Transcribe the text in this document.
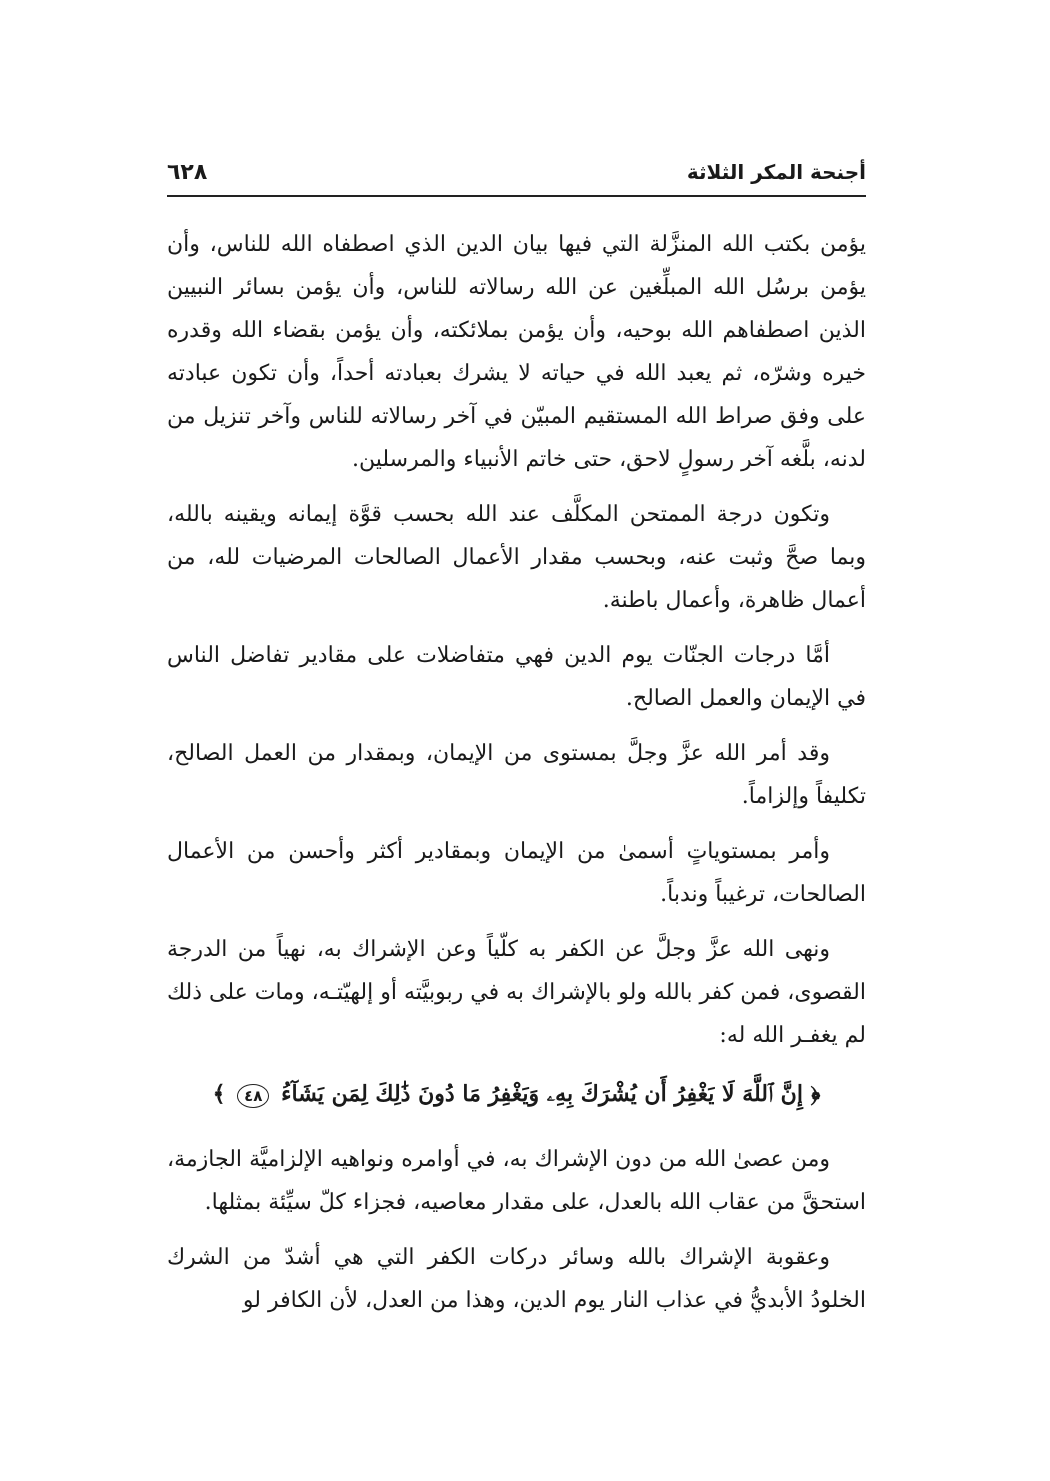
أجنحة المكر الثلاثة
٦٢٨

يؤمن بكتب الله المنزَّلة التي فيها بيان الدين الذي اصطفاه الله للناس، وأن يؤمن برسُل الله المبلِّغين عن الله رسالاته للناس، وأن يؤمن بسائر النبيين الذين اصطفاهم الله بوحيه، وأن يؤمن بملائكته، وأن يؤمن بقضاء الله وقدره خيره وشرّه، ثم يعبد الله في حياته لا يشرك بعبادته أحداً، وأن تكون عبادته على وفق صراط الله المستقيم المبيّن في آخر رسالاته للناس وآخر تنزيل من لدنه، بلَّغه آخر رسولٍ لاحق، حتى خاتم الأنبياء والمرسلين.

وتكون درجة الممتحن المكلَّف عند الله بحسب قوَّة إيمانه ويقينه بالله، وبما صحَّ وثبت عنه، وبحسب مقدار الأعمال الصالحات المرضيات لله، من أعمال ظاهرة، وأعمال باطنة.

أمَّا درجات الجنّات يوم الدين فهي متفاضلات على مقادير تفاضل الناس في الإيمان والعمل الصالح.

وقد أمر الله عزَّ وجلَّ بمستوى من الإيمان، وبمقدار من العمل الصالح، تكليفاً وإلزاماً.

وأمر بمستوياتٍ أسمىٰ من الإيمان وبمقادير أكثر وأحسن من الأعمال الصالحات، ترغيباً وندباً.

ونهى الله عزَّ وجلَّ عن الكفر به كلّياً وعن الإشراك به، نهياً من الدرجة القصوى، فمن كفر بالله ولو بالإشراك به في ربوبيَّته أو إلهيّتـه، ومات على ذلك لم يغفـر الله له:

﴿ إِنَّ ٱللَّهَ لَا يَغْفِرُ أَن يُشْرَكَ بِهِۦ وَيَغْفِرُ مَا دُونَ ذَٰلِكَ لِمَن يَشَآءُ ٤٨ ﴾

ومن عصىٰ الله من دون الإشراك به، في أوامره ونواهيه الإلزاميَّة الجازمة، استحقَّ من عقاب الله بالعدل، على مقدار معاصيه، فجزاء كلّ سيِّئة بمثلها.

وعقوبة الإشراك بالله وسائر دركات الكفر التي هي أشدّ من الشرك الخلودُ الأبديُّ في عذاب النار يوم الدين، وهذا من العدل، لأن الكافر لو
